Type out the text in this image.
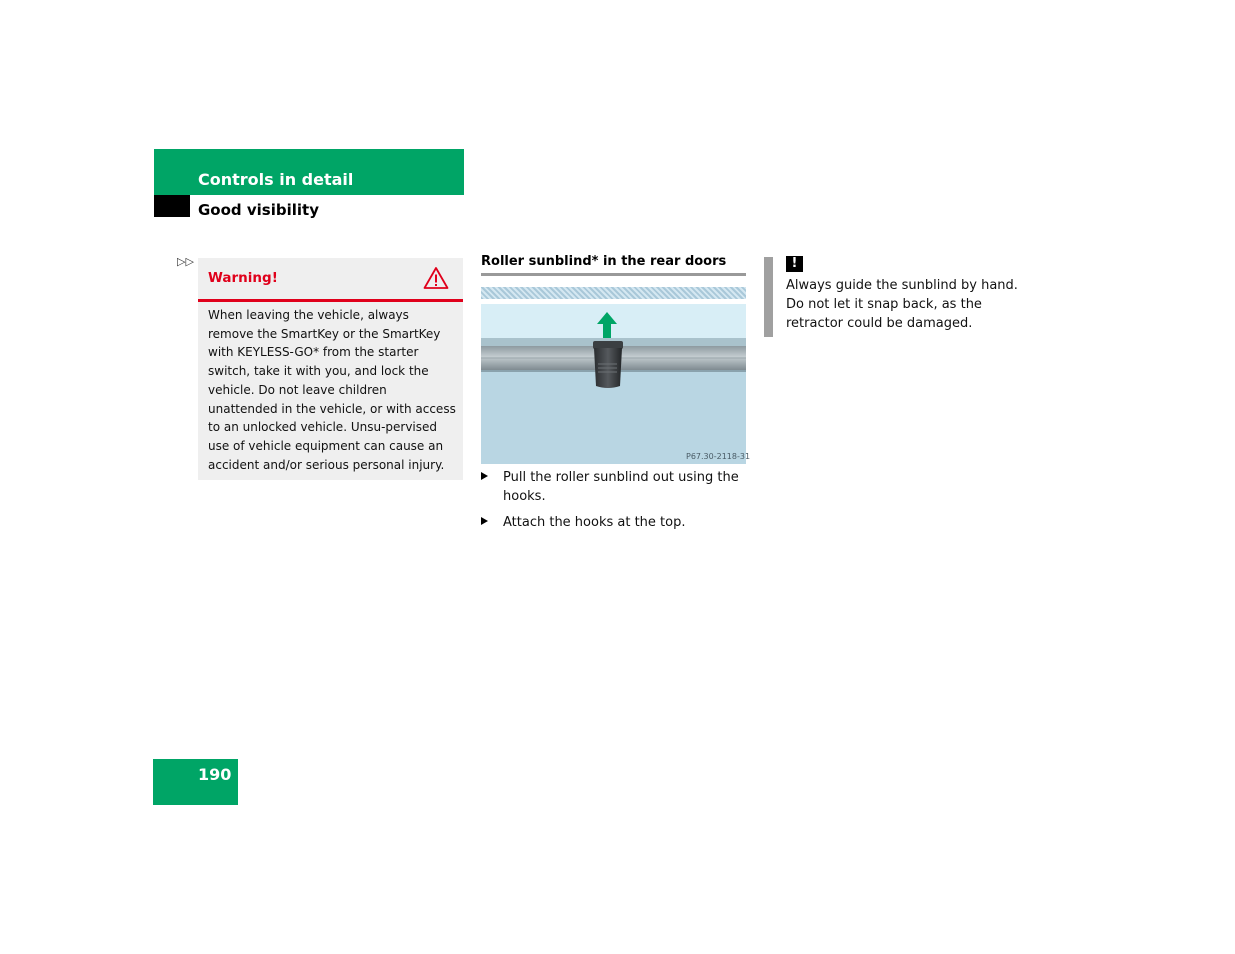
Controls in detail
Good visibility
▷▷
Warning!
When leaving the vehicle, always remove the SmartKey or the SmartKey with KEYLESS-GO* from the starter switch, take it with you, and lock the vehicle. Do not leave children unattended in the vehicle, or with access to an unlocked vehicle. Unsu-pervised use of vehicle equipment can cause an accident and/or serious personal injury.
Roller sunblind* in the rear doors
P67.30-2118-31
Pull the roller sunblind out using the hooks.
Attach the hooks at the top.
!
Always guide the sunblind by hand. Do not let it snap back, as the retractor could be damaged.
190
